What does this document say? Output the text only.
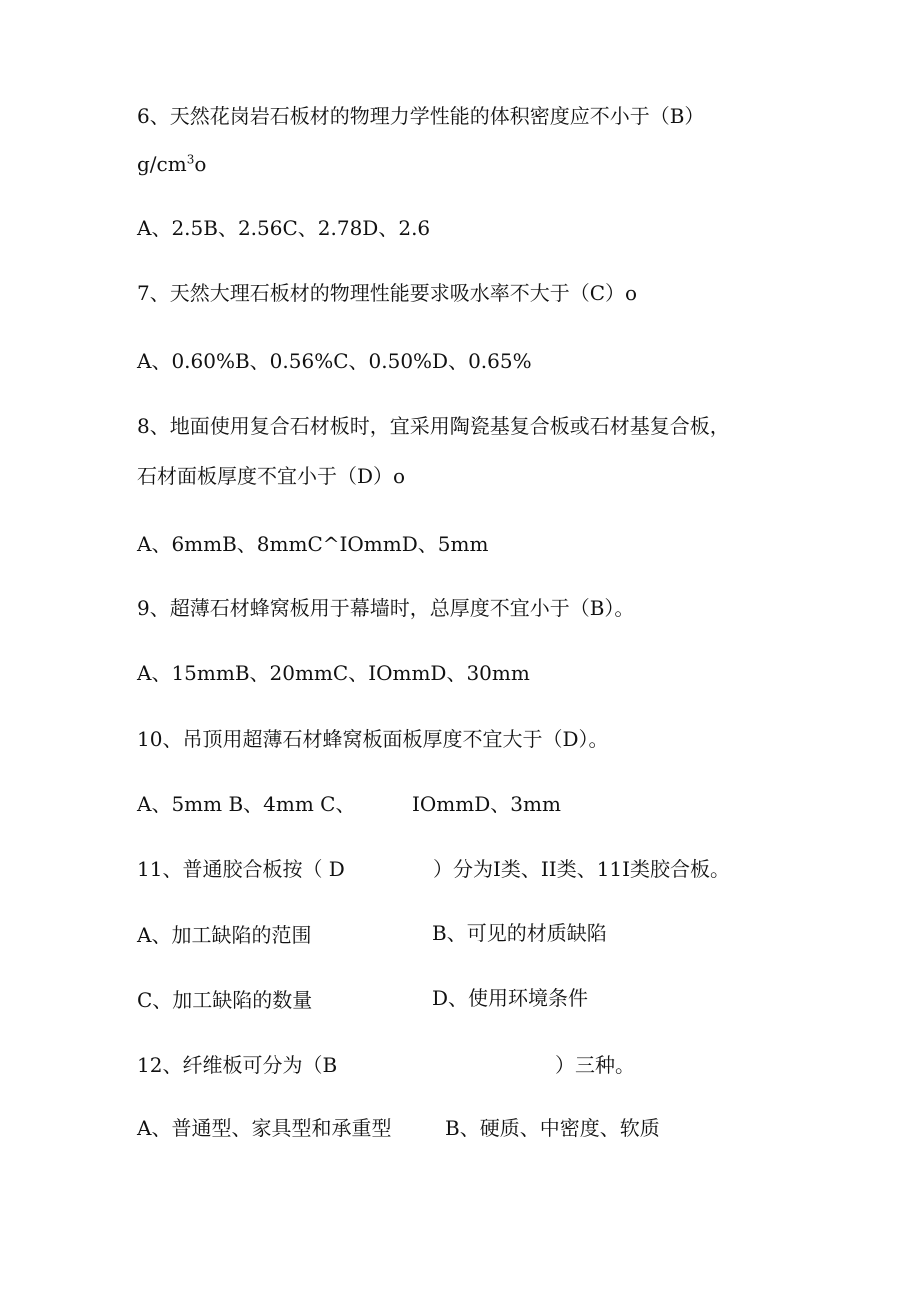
6、天然花岗岩石板材的物理力学性能的体积密度应不小于（B）
$g∕cm^3o$
A、2.5B、2.56C、2.78D、2.6
7、天然大理石板材的物理性能要求吸水率不大于（C）o
A、0.60%B、0.56%C、0.50%D、0.65%
8、地面使用复合石材板时，宜采用陶瓷基复合板或石材基复合板，
石材面板厚度不宜小于（D）o
A、6mmB、8mmC^IOmmD、5mm
9、超薄石材蜂窝板用于幕墙时，总厚度不宜小于（B）。
A、15mmB、20mmC、IOmmD、30mm
10、吊顶用超薄石材蜂窝板面板厚度不宜大于（D）。
A、5mm B、4mm C、	IOmmD、3mm
11、普通胶合板按（ D	）分为I类、II类、11I类胶合板。
A、加工缺陷的范围	B、可见的材质缺陷
C、加工缺陷的数量	D、使用环境条件
12、纤维板可分为（B	）三种。
A、普通型、家具型和承重型	B、硬质、中密度、软质
